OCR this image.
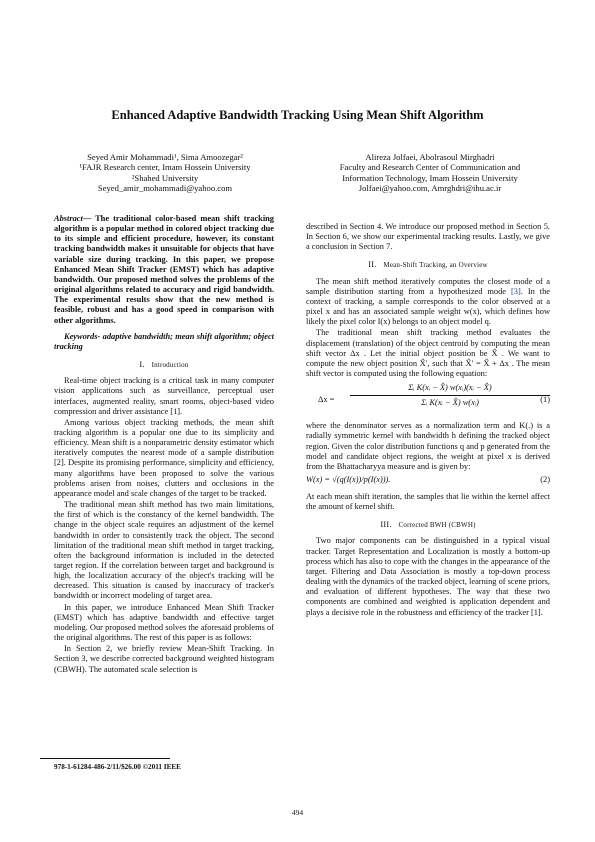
Enhanced Adaptive Bandwidth Tracking Using Mean Shift Algorithm
Seyed Amir Mohammadi¹, Sima Amoozegar²
¹FAJR Research center, Imam Hossein University
²Shahed University
Seyed_amir_mohammadi@yahoo.com
Alireza Jolfaei, Abolrasoul Mirghadri
Faculty and Research Center of Communication and
Information Technology, Imam Hossein University
Jolfaei@yahoo.com, Amrghdri@ihu.ac.ir

Abstract— The traditional color-based mean shift tracking algorithm is a popular method in colored object tracking due to its simple and efficient procedure, however, its constant tracking bandwidth makes it unsuitable for objects that have variable size during tracking. In this paper, we propose Enhanced Mean Shift Tracker (EMST) which has adaptive bandwidth. Our proposed method solves the problems of the original algorithms related to accuracy and rigid bandwidth. The experimental results show that the new method is feasible, robust and has a good speed in comparison with other algorithms.

Keywords- adaptive bandwidth; mean shift algorithm; object tracking

I. Introduction

Real-time object tracking is a critical task in many computer vision applications such as surveillance, perceptual user interfaces, augmented reality, smart rooms, object-based video compression and driver assistance [1].

Among various object tracking methods, the mean shift tracking algorithm is a popular one due to its simplicity and efficiency. Mean shift is a nonparametric density estimator which iteratively computes the nearest mode of a sample distribution [2]. Despite its promising performance, simplicity and efficiency, many algorithms have been proposed to solve the various problems arisen from noises, clutters and occlusions in the appearance model and scale changes of the target to be tracked.

The traditional mean shift method has two main limitations, the first of which is the constancy of the kernel bandwidth. The change in the object scale requires an adjustment of the kernel bandwidth in order to consistently track the object. The second limitation of the traditional mean shift method in target tracking, often the background information is included in the detected target region. If the correlation between target and background is high, the localization accuracy of the object's tracking will be decreased. This situation is caused by inaccuracy of tracker's bandwidth or incorrect modeling of target area.

In this paper, we introduce Enhanced Mean Shift Tracker (EMST) which has adaptive bandwidth and effective target modeling. Our proposed method solves the aforesaid problems of the original algorithms. The rest of this paper is as follows:

In Section 2, we briefly review Mean-Shift Tracking. In Section 3, we describe corrected background weighted histogram (CBWH). The automated scale selection is

described in Section 4. We introduce our proposed method in Section 5. In Section 6, we show our experimental tracking results. Lastly, we give a conclusion in Section 7.

II. Mean-Shift Tracking, an Overview

The mean shift method iteratively computes the closest mode of a sample distribution starting from a hypothesized mode [3]. In the context of tracking, a sample corresponds to the color observed at a pixel x and has an associated sample weight w(x), which defines how likely the pixel color I(x) belongs to an object model q.

The traditional mean shift tracking method evaluates the displacement (translation) of the object centroid by computing the mean shift vector Δx . Let the initial object position be X̂ . We want to compute the new object position X̂′, such that X̂′ = X̂ + Δx . The mean shift vector is computed using the following equation:

$\Delta x = \frac{\text{Σᵢ K(xᵢ − X̂) w(xᵢ)(xᵢ − X̂)}}{\text{Σᵢ K(xᵢ − X̂) w(xᵢ)}}$
(1)

where the denominator serves as a normalization term and K(.) is a radially symmetric kernel with bandwidth h defining the tracked object region. Given the color distribution functions q and p generated from the model and candidate object regions, the weight at pixel x is derived from the Bhattacharyya measure and is given by:

W(x) = √(q(I(x))/p(I(x))).	(2)

At each mean shift iteration, the samples that lie within the kernel affect the amount of kernel shift.

III. Corrected BWH (CBWH)

Two major components can be distinguished in a typical visual tracker. Target Representation and Localization is mostly a bottom-up process which has also to cope with the changes in the appearance of the target. Filtering and Data Association is mostly a top-down process dealing with the dynamics of the tracked object, learning of scene priors, and evaluation of different hypotheses. The way that these two components are combined and weighted is application dependent and plays a decisive role in the robustness and efficiency of the tracker [1].

978-1-61284-486-2/11/$26.00 ©2011 IEEE
494
